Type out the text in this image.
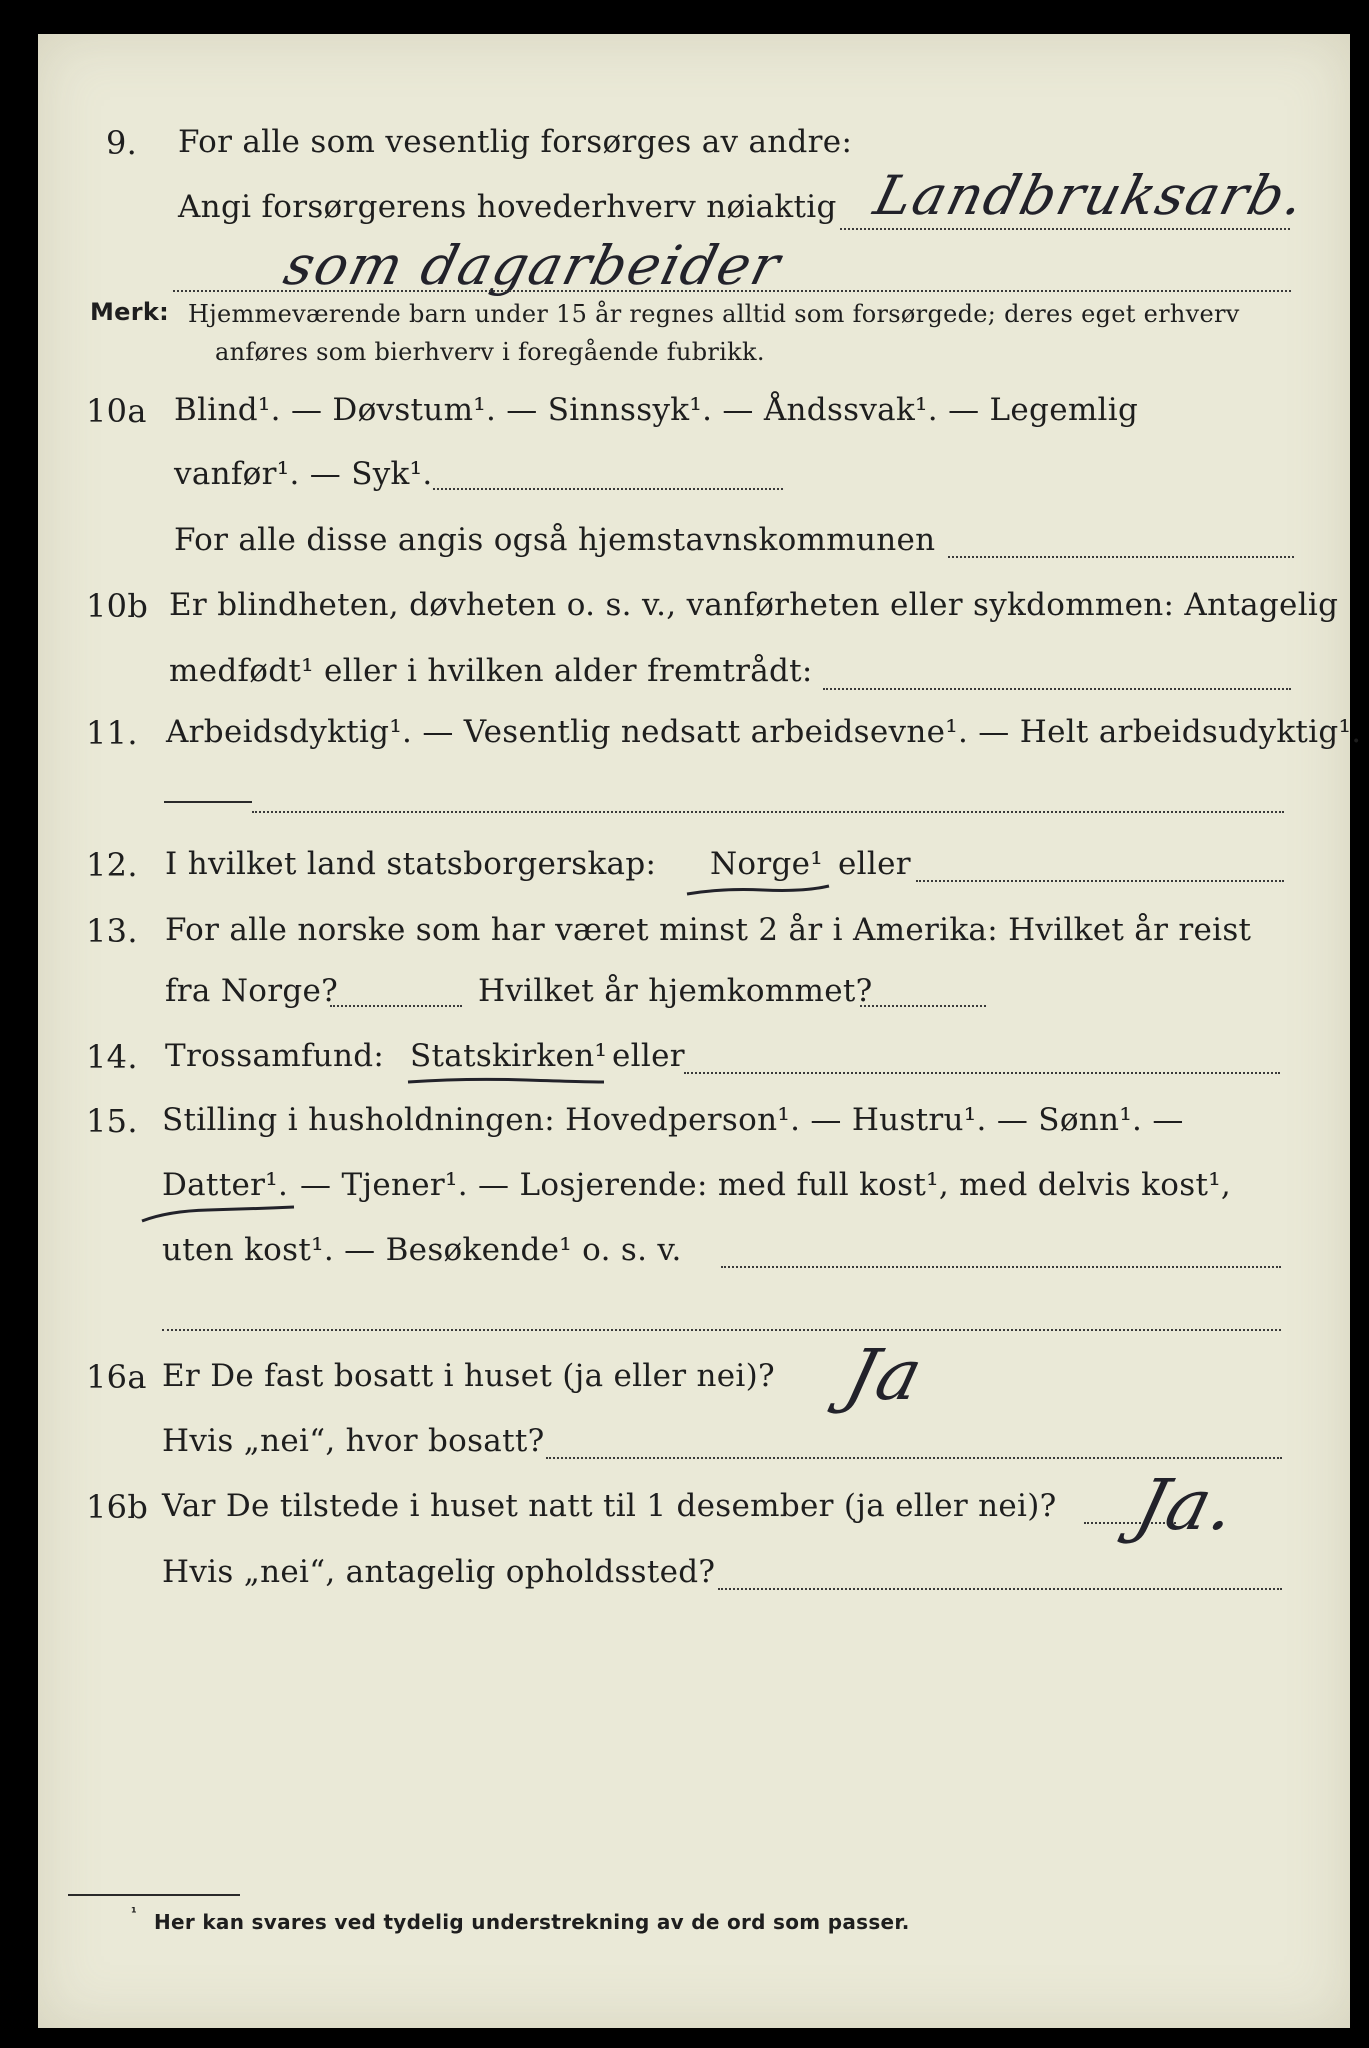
9. For alle som vesentlig forsørges av andre:
Angi forsørgerens hovederhverv nøiaktig Landbruksarb.
som dagarbeider
Merk: Hjemmeværende barn under 15 år regnes alltid som forsørgede; deres eget erhverv
anføres som bierhverv i foregående fubrikk.
10a Blind¹. — Døvstum¹. — Sinnssyk¹. — Åndssvak¹. — Legemlig
vanfør¹. — Syk¹.
For alle disse angis også hjemstavnskommunen
10b Er blindheten, døvheten o. s. v., vanførheten eller sykdommen: Antagelig
medfødt¹ eller i hvilken alder fremtrådt:
11. Arbeidsdyktig¹. — Vesentlig nedsatt arbeidsevne¹. — Helt arbeidsudyktig¹.
12. I hvilket land statsborgerskap: Norge¹ eller
13. For alle norske som har været minst 2 år i Amerika: Hvilket år reist
fra Norge?	Hvilket år hjemkommet?
14. Trossamfund: Statskirken¹ eller
15. Stilling i husholdningen: Hovedperson¹. — Hustru¹. — Sønn¹. —
Datter¹. — Tjener¹. — Losjerende: med full kost¹, med delvis kost¹,
uten kost¹. — Besøkende¹ o. s. v.
16a Er De fast bosatt i huset (ja eller nei)? Ja
Hvis „nei“, hvor bosatt?
16b Var De tilstede i huset natt til 1 desember (ja eller nei)? Ja.
Hvis „nei“, antagelig opholdssted?
¹ Her kan svares ved tydelig understrekning av de ord som passer.
